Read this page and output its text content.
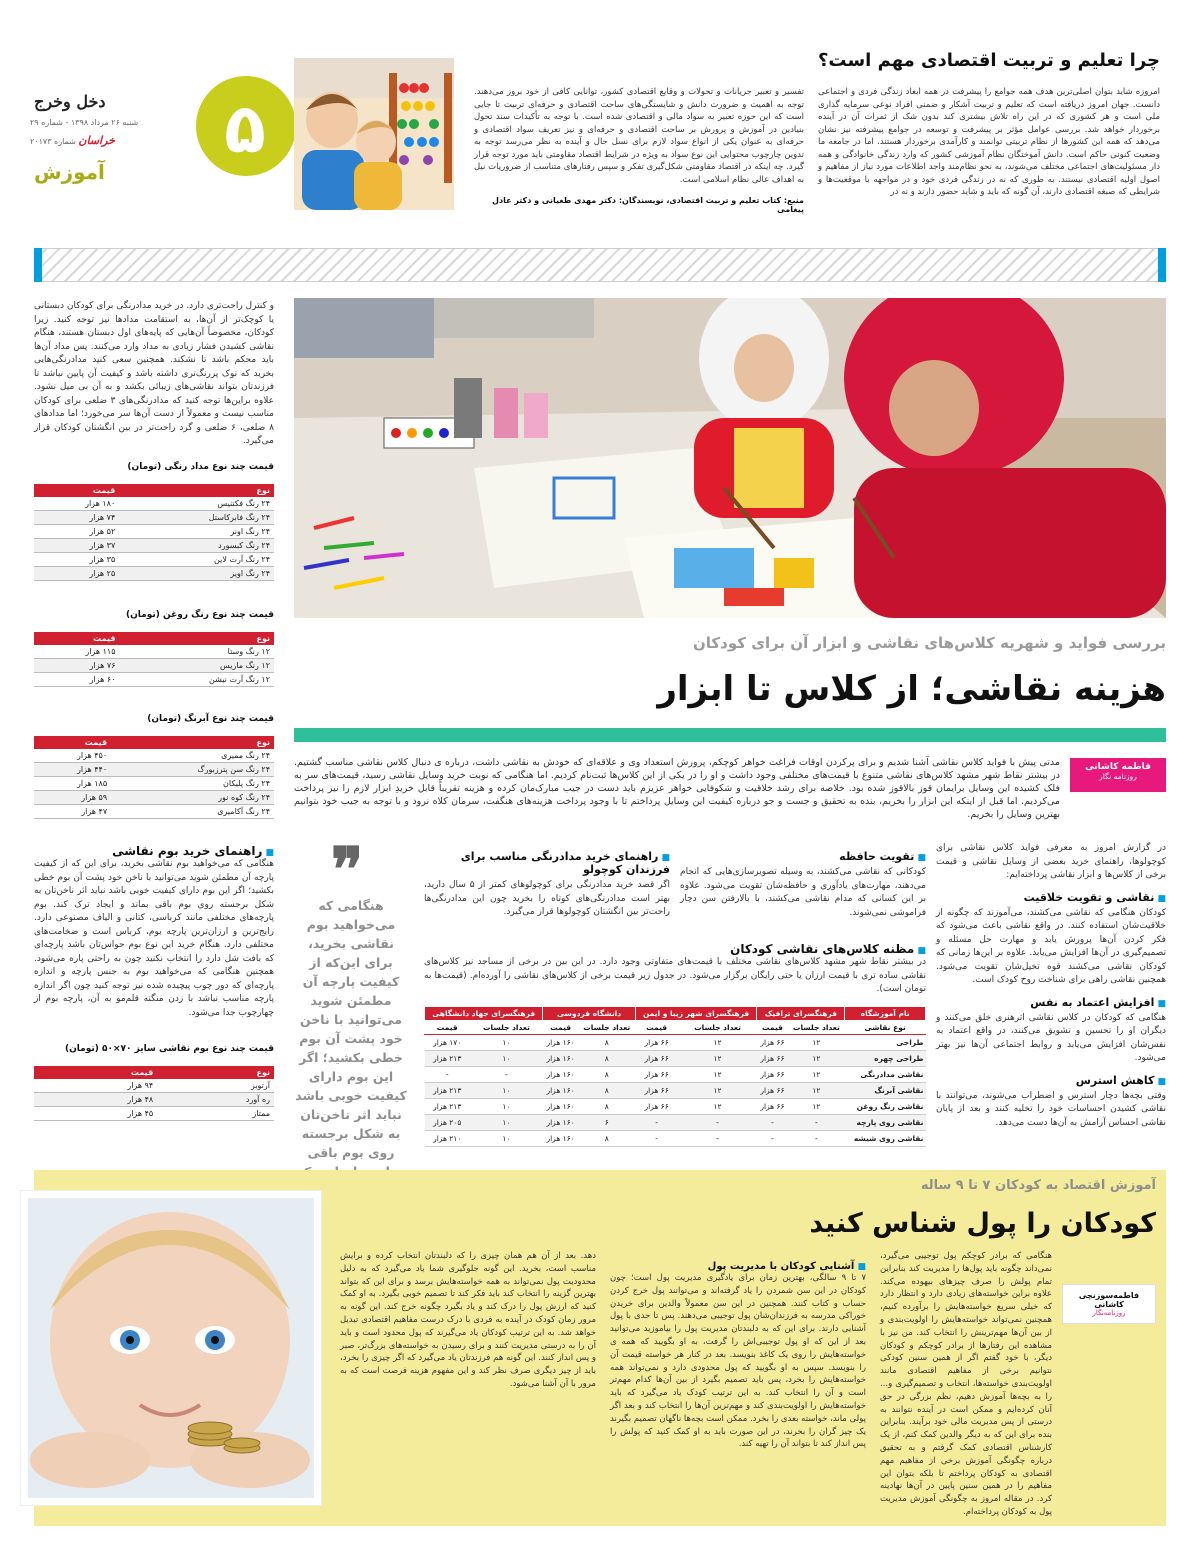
دخل وخرج
شنبه ۲۶ مرداد ۱۳۹۸ - شماره ۲۹
خراسان شماره ۲۰۱۷۳
آموزش
۵
چرا تعلیم و تربیت اقتصادی مهم است؟
امروزه شاید بتوان اصلی‌ترین هدف همه جوامع را پیشرفت در همه ابعاد زندگی فردی و اجتماعی دانست. جهان امروز دریافته است که تعلیم و تربیت آشکار و ضمنی افراد نوعی سرمایه گذاری ملی است و هر کشوری که در این راه تلاش بیشتری کند بدون شک از ثمرات آن در آینده برخوردار خواهد شد. بررسی عوامل مؤثر بر پیشرفت و توسعه در جوامع پیشرفته نیز نشان می‌دهد که همه این کشورها از نظام تربیتی توانمند و کارآمدی برخوردار هستند. اما در جامعه ما وضعیت کنونی حاکم است. دانش آموختگان نظام آموزشی کشور که وارد زندگی خانوادگی و همه دار مسئولیت‌های اجتماعی مختلف می‌شوند، به نحو نظام‌مند واجد اطلاعات مورد نیاز از مفاهیم و اصول اولیه اقتصادی نیستند. به طوری که نه در زندگی فردی خود و در مواجهه با موقعیت‌ها و شرایطی که صبغه اقتصادی دارند، آن گونه که باید و شاید حضور دارند و نه در
تفسیر و تعبیر جریانات و تحولات و وقایع اقتصادی کشور، توانایی کافی از خود بروز می‌دهند. توجه به اهمیت و ضرورت دانش و شایستگی‌های ساحت اقتصادی و حرفه‌ای تربیت تا جایی است که این حوزه تعبیر به سواد مالی و اقتصادی شده است. با توجه به تأکیدات سند تحول بنیادین در آموزش و پرورش بر ساحت اقتصادی و حرفه‌ای و نیز تعریف سواد اقتصادی و حرفه‌ای به عنوان یکی از انواع سواد لازم برای نسل حال و آینده به نظر می‌رسد توجه به تدوین چارچوب محتوایی این نوع سواد به ویژه در شرایط اقتصاد مقاومتی باید مورد توجه قرار گیرد. چه اینکه در اقتصاد مقاومتی شکل‌گیری تفکر و سپس رفتارهای متناسب از ضروریات نیل به اهداف عالی نظام اسلامی است.
منبع: کتاب تعلیم و تربیت اقتصادی، نویسندگان: دکتر مهدی طغیانی و دکتر عادل پیغامی
بررسی فواید و شهریه کلاس‌های نقاشی و ابزار آن برای کودکان
هزینه نقاشی؛ از کلاس تا ابزار
فاطمه کاشانی
روزنامه نگار
مدتی پیش با فواید کلاس نقاشی آشنا شدیم و برای پرکردن اوقات فراغت خواهر کوچکم، پرورش استعداد وی و علاقه‌ای که خودش به نقاشی داشت، درباره ی دنبال کلاس نقاشی مناسب گشتیم. در بیشتر نقاط شهر مشهد کلاس‌های نقاشی متنوع با قیمت‌های مختلفی وجود داشت و او را در یکی از این کلاس‌ها ثبت‌نام کردیم. اما هنگامی که نوبت خرید وسایل نقاشی رسید، قیمت‌های سر به فلک کشیده این وسایل برایمان قوز بالاقوز شده بود. خلاصه برای رشد خلاقیت و شکوفایی خواهر عزیزم باید دست در جیب مبارک‌مان کرده و هزینه تقریباً قابل خریدِ ابزار لازم را نیز پرداخت می‌کردیم. اما قبل از اینکه این ابزار را بخریم، بنده به تحقیق و جست و جو درباره کیفیت این وسایل پرداختم تا با وجود پرداخت هزینه‌های هنگفت، سرمان کلاه نرود و با توجه به جیب خود بتوانیم بهترین وسایل را بخریم.
در گزارش امروز به معرفی فواید کلاس نقاشی برای کوچولوها، راهنمای خرید بعضی از وسایل نقاشی و قیمت برخی از کلاس‌ها و ابزار نقاشی پرداخته‌ایم:
■ نقاشی و تقویت خلاقیت
کودکان هنگامی که نقاشی می‌کشند، می‌آموزند که چگونه از خلاقیت‌شان استفاده کنند. در واقع نقاشی باعث می‌شود که فکر کردن آن‌ها پرورش یابد و مهارت حل مسئله و تصمیم‌گیری در آن‌ها افزایش می‌یابد. علاوه بر این‌ها زمانی که کودکان نقاشی می‌کشند قوه تخیل‌شان تقویت می‌شود. همچنین نقاشی راهی برای شناخت روح کودک است.
■ افزایش اعتماد به نفس
هنگامی که کودکان در کلاس نقاشی اثرهنری خلق می‌کنند و دیگران او را تحسین و تشویق می‌کنند، در واقع اعتماد به نفس‌شان افزایش می‌یابد و روابط اجتماعی آن‌ها نیز بهتر می‌شود.
■ کاهش استرس
وقتی بچه‌ها دچار استرس و اضطراب می‌شوند، می‌توانند با نقاشی کشیدن احساسات خود را تخلیه کنند و بعد از پایان نقاشی احساس آرامش به آن‌ها دست می‌دهد.
■ تقویت حافظه
کودکانی که نقاشی می‌کشند، به وسیله تصویرسازی‌هایی که انجام می‌دهند، مهارت‌های یادآوری و حافظه‌شان تقویت می‌شود. علاوه بر این کسانی که مدام نقاشی می‌کشند، با بالارفتن سن دچار فراموشی نمی‌شوند.
■ راهنمای خرید مدادرنگی مناسب برای فرزندان کوچولو
اگر قصد خرید مدادرنگی برای کوچولوهای کمتر از ۵ سال دارید، بهتر است مدادرنگی‌های کوتاه را بخرید چون این مدادرنگی‌ها راحت‌تر بین انگشتان کوچولوها قرار می‌گیرد.
■ مظنه کلاس‌های نقاشی کودکان
در بیشتر نقاط شهر مشهد کلاس‌های نقاشی مختلف با قیمت‌های متفاوتی وجود دارد. در این بین در برخی از مساجد نیز کلاس‌های نقاشی ساده تری با قیمت ارزان یا حتی رایگان برگزار می‌شود. در جدول زیر قیمت برخی از کلاس‌های نقاشی را آورده‌ام. (قیمت‌ها به تومان است).
نام آموزشگاه	فرهنگسرای ترافیک		فرهنگسرای شهر زیبا و ایمن		دانشگاه فردوسی		فرهنگسرای جهاد دانشگاهی	
نوع نقاشی	تعداد جلسات	قیمت	تعداد جلسات	قیمت	تعداد جلسات	قیمت	تعداد جلسات	قیمت
طراحی	۱۲	۶۶ هزار	۱۲	۶۶ هزار	۸	۱۶۰ هزار	۱۰	۱۷۰ هزار
طراحی چهره	۱۲	۶۶ هزار	۱۲	۶۶ هزار	۸	۱۶۰ هزار	۱۰	۲۱۳ هزار
نقاشی مدادرنگی	۱۲	۶۶ هزار	۱۲	۶۶ هزار	۸	۱۶۰ هزار	-	-
نقاشی آبرنگ	۱۲	۶۶ هزار	۱۲	۶۶ هزار	۸	۱۶۰ هزار	۱۰	۲۱۳ هزار
نقاشی رنگ روغن	۱۲	۶۶ هزار	۱۲	۶۶ هزار	۸	۱۶۰ هزار	۱۰	۲۱۳ هزار
نقاشی روی پارچه	-	-	-	-	۶	۱۶۰ هزار	۱۰	۲۰۵ هزار
نقاشی روی شیشه	-	-	-	-	۸	۱۶۰ هزار	۱۰	۲۱۰ هزار
❞
هنگامی که می‌خواهید بوم نقاشی بخرید، برای این‌که از کیفیت پارچه آن مطمئن شوید می‌توانید با ناخن خود پشت آن بوم خطی بکشید؛ اگر این بوم دارای کیفیت خوبی باشد نباید اثر ناخن‌تان به شکل برجسته روی بوم باقی
و کنترل راحت‌تری دارد. در خرید مدادرنگی برای کودکان دبستانی یا کوچک‌تر از آن‌ها، به استقامت مدادها نیز توجه کنید. زیرا کودکان، مخصوصاً آن‌هایی که پایه‌های اول دبستان هستند، هنگام نقاشی کشیدن فشار زیادی به مداد وارد می‌کنند. پس مداد آن‌ها باید محکم باشد تا نشکند. همچنین سعی کنید مدادرنگی‌هایی بخرید که نوک پررنگ‌تری داشته باشد و کیفیت آن پایین نباشد تا فرزندتان بتواند نقاشی‌های زیبائی بکشد و به آن بی میل نشود. علاوه براین‌ها توجه کنید که مدادرنگی‌های ۳ ضلعی برای کودکان مناسب نیست و معمولاً از دست آن‌ها سر می‌خورد؛ اما مدادهای ۸ ضلعی، ۶ ضلعی و گرد راحت‌تر در بین انگشتان کودکان قرار می‌گیرد.
قیمت چند نوع مداد رنگی (تومان)
نوع	قیمت
۲۴ رنگ فکتنیس	۱۸۰ هزار
۲۴ رنگ فابرکاستل	۷۴ هزار
۲۴ رنگ اونر	۵۲ هزار
۲۴ رنگ کبسورد	۳۷ هزار
۲۴ رنگ آرت لاین	۳۵ هزار
۲۴ رنگ اویز	۲۵ هزار
قیمت چند نوع رنگ روغن (تومان)
نوع	قیمت
۱۲ رنگ وستا	۱۱۵ هزار
۱۲ رنگ ماریس	۷۶ هزار
۱۲ رنگ آرت نیشن	۶۰ هزار
قیمت چند نوع آبرنگ (تومان)
نوع	قیمت
۲۴ رنگ ممیری	۴۵۰ هزار
۲۴ رنگ سن پترزبورگ	۴۴۰ هزار
۲۴ رنگ پلیکان	۱۸۵ هزار
۲۴ رنگ کوه نور	۵۹ هزار
۲۴ رنگ آکامیری	۴۷ هزار
■ راهنمای خرید بوم نقاشی
هنگامی که می‌خواهید بوم نقاشی بخرید، برای این که از کیفیت پارچه آن مطمئن شوید می‌توانید با ناخن خود پشت آن بوم خطی بکشید؛ اگر این بوم دارای کیفیت خوبی باشد نباید اثر ناخن‌تان به شکل برجسته روی بوم باقی بماند و ایجاد ترک کند. بوم پارچه‌های مختلفی مانند کرباسی، کتانی و الیاف مصنوعی دارد. رایج‌ترین و ارزان‌ترین پارچه بوم، کرباس است و ضخامت‌های مختلفی دارد. هنگام خرید این نوع بوم حواس‌تان باشد پارچه‌ای که بافت شل دارد را انتخاب نکنید چون به راحتی پاره می‌شود. همچنین هنگامی که می‌خواهید بوم به جنس پارچه و اندازه پارچه‌ای که دور چوب پیچیده شده نیز توجه کنید چون اگر اندازه پارچه مناسب نباشد با زدن منگنه قلم‌مو به آن، پارچه بوم از چهارچوب جدا می‌شود.
قیمت چند نوع بوم نقاشی سایز ۷۰×۵۰ (تومان)
نوع	قیمت
آرتوبز	۹۴ هزار
ره آورد	۴۸ هزار
ممتاز	۴۵ هزار
آموزش اقتصاد به کودکان ۷ تا ۹ ساله
کودکان را پول شناس کنید
فاطمه‌سوزنچی کاشانی
روزنامه‌نگار
هنگامی که برادر کوچکم پول توجیبی می‌گیرد، نمی‌داند چگونه باید پول‌ها را مدیریت کند بنابراین تمام پولش را صرف چیزهای بیهوده می‌کند. علاوه براین خواسته‌های زیادی دارد و انتظار دارد که خیلی سریع خواسته‌هایش را برآورده کنیم، همچنین نمی‌تواند خواسته‌هایش را اولویت‌بندی و از بین آن‌ها مهم‌ترینش را انتخاب کند. من نیز با مشاهده این رفتارها از برادر کوچکم و کودکان دیگر، با خود گفتم اگر از همین سنین کودکی نتوانیم برخی از مفاهیم اقتصادی مانند اولویت‌بندی خواسته‌ها، انتخاب و تصمیم‌گیری و... را به بچه‌ها آموزش دهیم، نظم بزرگی در حق آنان کرده‌ایم و ممکن است در آینده نتوانند به درستی از پس مدیریت مالی خود برآیند. بنابراین بنده برای این که به دیگر والدین کمک کنم، از یک کارشناس اقتصادی کمک گرفتم و به تحقیق درباره چگونگی آموزش برخی از مفاهیم مهم اقتصادی به کودکان پرداختم تا بلکه بتوان این مفاهیم را در همین سنین پایین در آن‌ها نهادینه کرد. در مقاله امروز به چگونگی آموزش مدیریت پول به کودکان پرداخته‌ام.
■ آشنایی کودکان با مدیریت پول
۷ تا ۹ سالگی، بهترین زمان برای یادگیری مدیریت پول است؛ چون کودکان در این سن شمردن را یاد گرفته‌اند و می‌توانند پول خرج کردن حساب و کتاب کنند. همچنین در این سن معمولاً والدین برای خریدن خوراکی مدرسه به فرزندان‌شان پول توجیبی می‌دهند. پس تا حدی با پول آشنایی دارند. برای این که به دلبندتان مدیریت پول را بیاموزید می‌توانید بعد از این که او پول توجیبی‌اش را گرفت، به او بگویید که همه ی خواسته‌هایش را روی یک کاغذ بنویسد. بعد در کنار هر خواسته قیمت آن را بنویسد. سپس به او بگویید که پول محدودی دارد و نمی‌تواند همه خواسته‌هایش را بخرد، پس باید تصمیم بگیرد از بین آن‌ها کدام مهم‌تر است و آن را انتخاب کند. به این ترتیب کودک یاد می‌گیرد که باید خواسته‌هایش را اولویت‌بندی کند و مهم‌ترین آن‌ها را انتخاب کند و بعد اگر پولی ماند، خواسته بعدی را بخرد. ممکن است بچه‌ها ناگهان تصمیم بگیرند یک چیز گران را بخرند، در این صورت باید به او کمک کنید که پولش را پس انداز کند تا بتواند آن را تهیه کند.
دهد. بعد از آن هم همان چیزی را که دلبندتان انتخاب کرده و برایش مناسب است، بخرید. این گونه جلوگیری شما یاد می‌گیرد که به دلیل محدودیت پول نمی‌تواند به همه خواسته‌هایش برسد و برای این که بتواند بهترین گزینه را انتخاب کند باید فکر کند تا تصمیم خوبی بگیرد. به او کمک کنید که ارزش پول را درک کند و یاد بگیرد چگونه خرج کند. این گونه به مرور زمان کودک در آینده به فردی با درک درست مفاهیم اقتصادی تبدیل خواهد شد. به این ترتیب کودکان یاد می‌گیرند که پول محدود است و باید آن را به درستی مدیریت کنند و برای رسیدن به خواسته‌های بزرگ‌تر، صبر و پس انداز کنند. این گونه هم فرزندتان یاد می‌گیرد که اگر چیزی را بخرد، باید از چیز دیگری صرف نظر کند و این مفهوم هزینه فرصت است که به مرور با آن آشنا می‌شود.
